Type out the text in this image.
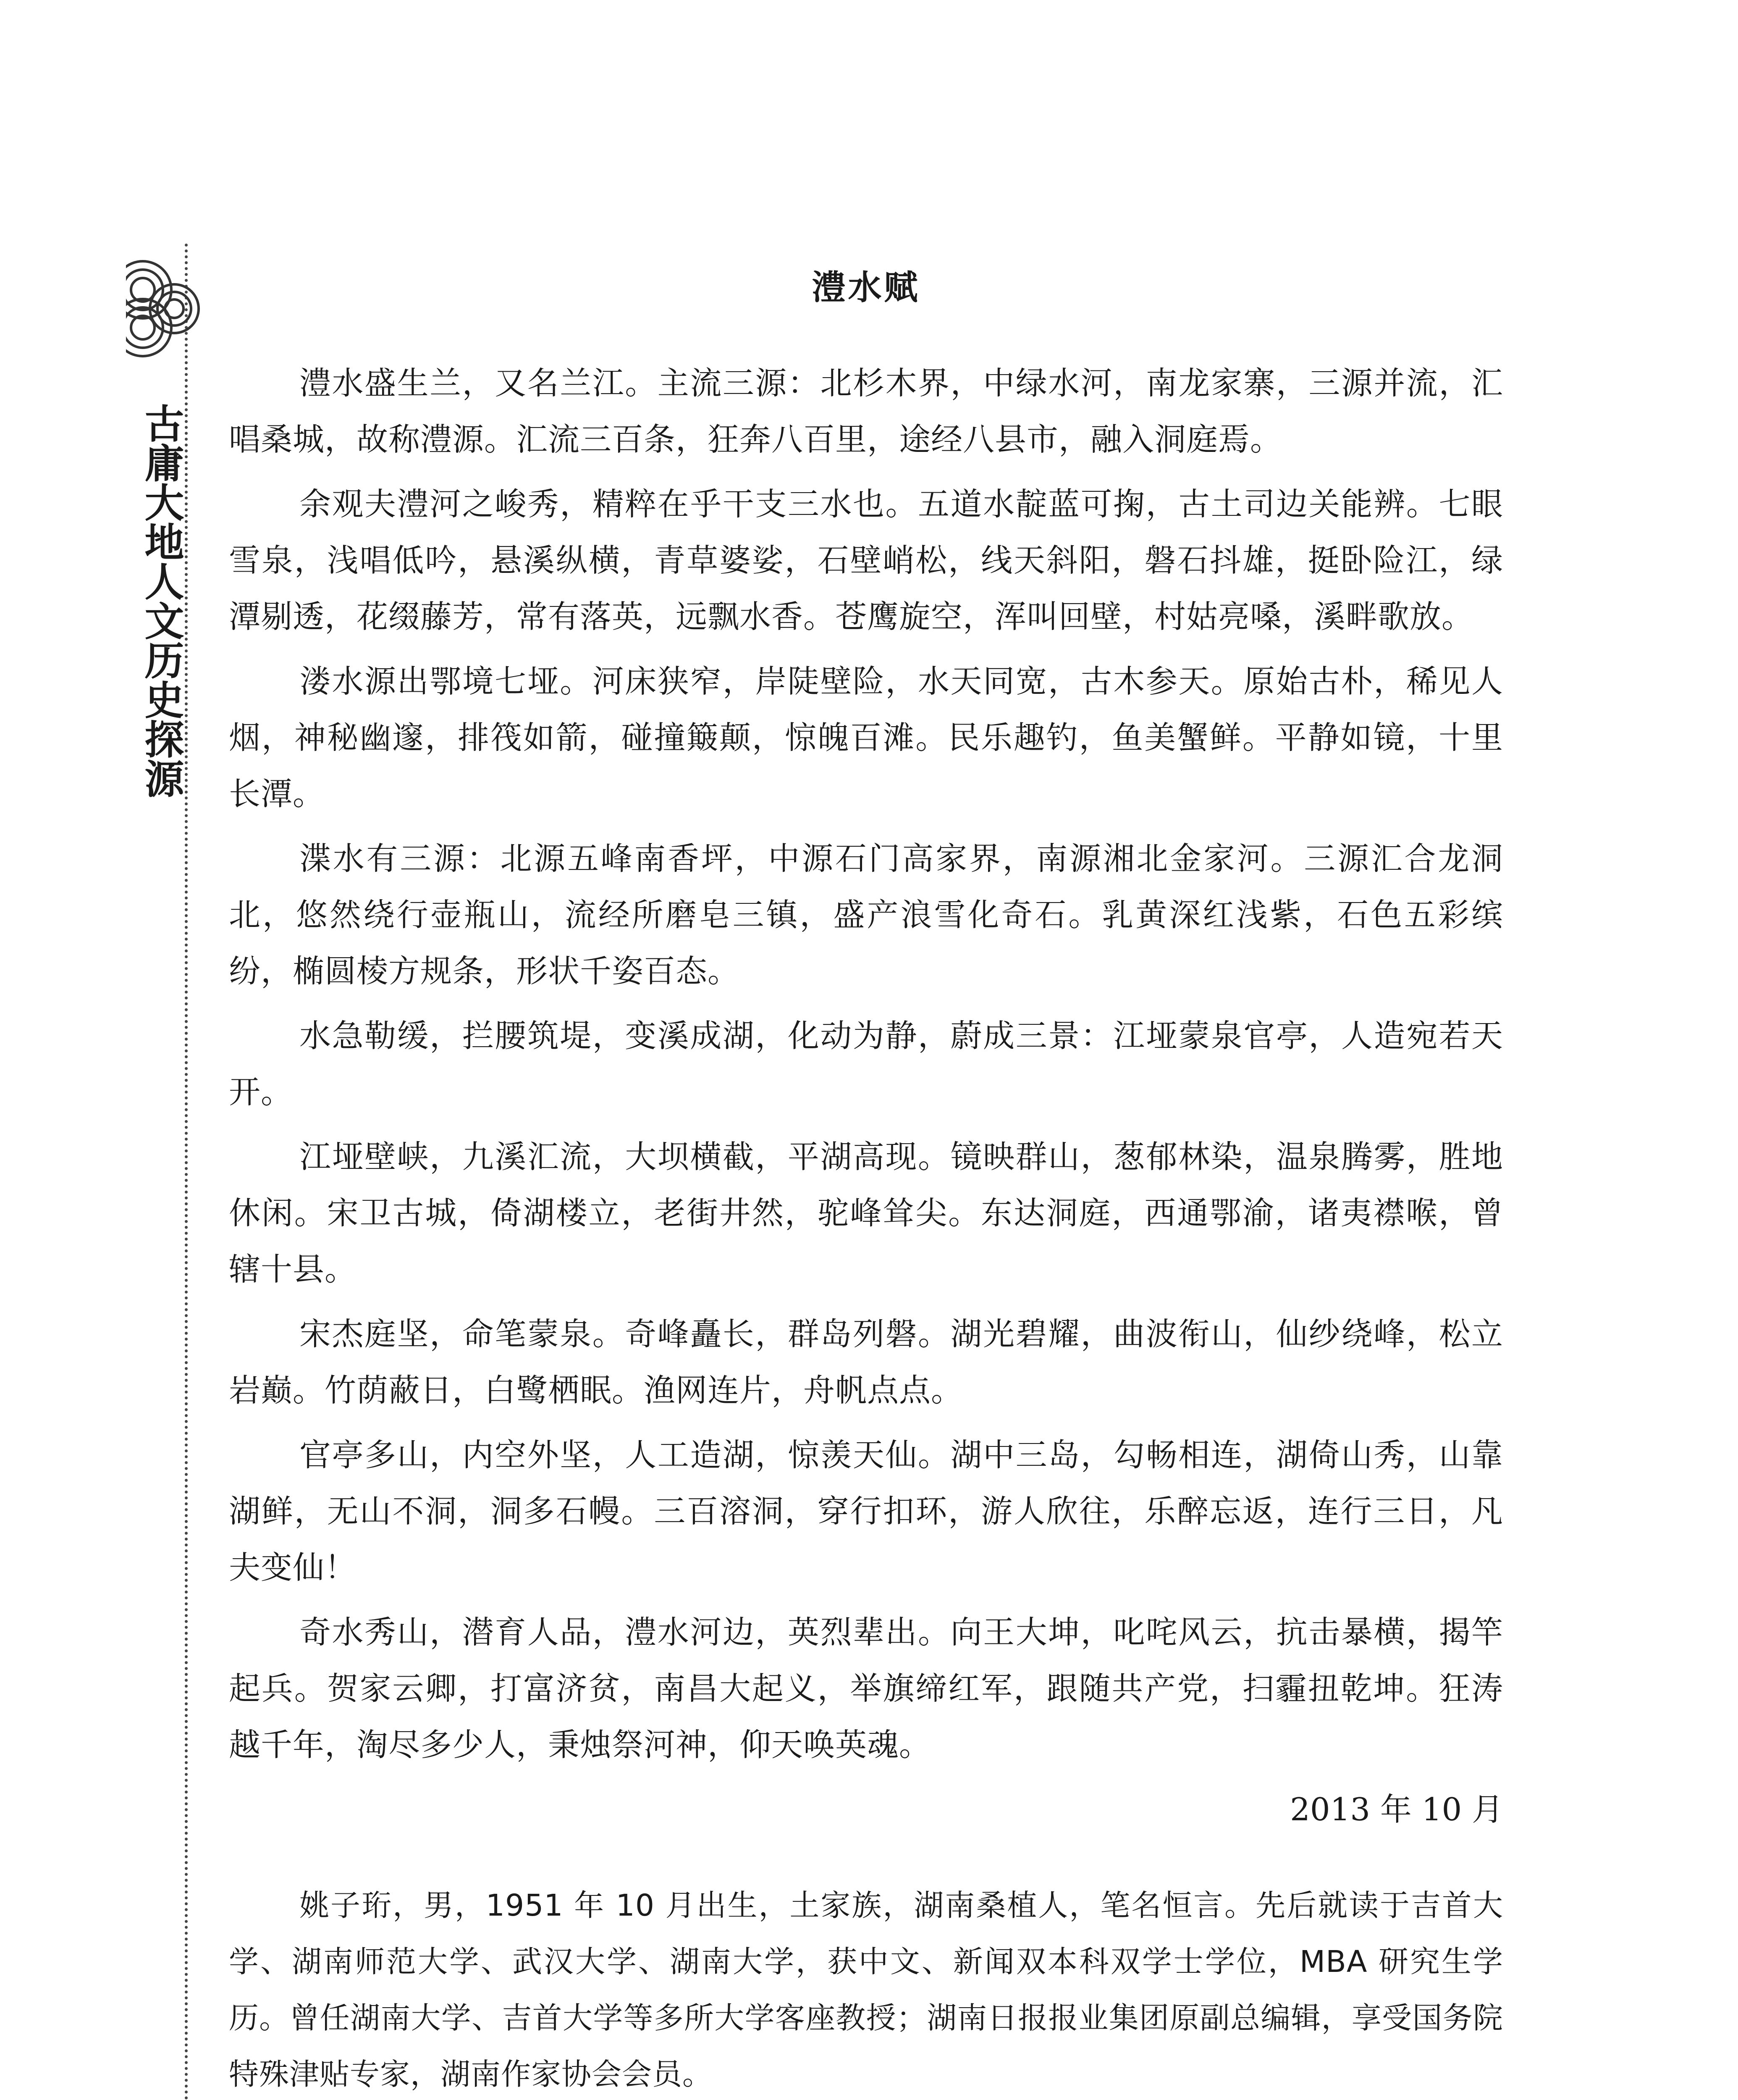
古庸大地人文历史探源
澧水赋

澧水盛生兰，又名兰江。主流三源：北杉木界，中绿水河，南龙家寨，三源并流，汇唱桑城，故称澧源。汇流三百条，狂奔八百里，途经八县市，融入洞庭焉。

余观夫澧河之峻秀，精粹在乎干支三水也。五道水靛蓝可掬，古土司边关能辨。七眼雪泉，浅唱低吟，悬溪纵横，青草婆娑，石壁峭松，线天斜阳，磐石抖雄，挺卧险江，绿潭剔透，花缀藤芳，常有落英，远飘水香。苍鹰旋空，浑叫回壁，村姑亮嗓，溪畔歌放。

溇水源出鄂境七垭。河床狭窄，岸陡壁险，水天同宽，古木参天。原始古朴，稀见人烟，神秘幽邃，排筏如箭，碰撞簸颠，惊魄百滩。民乐趣钓，鱼美蟹鲜。平静如镜，十里长潭。

渫水有三源：北源五峰南香坪，中源石门高家界，南源湘北金家河。三源汇合龙洞北，悠然绕行壶瓶山，流经所磨皂三镇，盛产浪雪化奇石。乳黄深红浅紫，石色五彩缤纷，椭圆棱方规条，形状千姿百态。

水急勒缓，拦腰筑堤，变溪成湖，化动为静，蔚成三景：江垭蒙泉官亭，人造宛若天开。

江垭壁峡，九溪汇流，大坝横截，平湖高现。镜映群山，葱郁林染，温泉腾雾，胜地休闲。宋卫古城，倚湖楼立，老街井然，驼峰耸尖。东达洞庭，西通鄂渝，诸夷襟喉，曾辖十县。

宋杰庭坚，命笔蒙泉。奇峰矗长，群岛列磐。湖光碧耀，曲波衔山，仙纱绕峰，松立岩巅。竹荫蔽日，白鹭栖眠。渔网连片，舟帆点点。

官亭多山，内空外坚，人工造湖，惊羡天仙。湖中三岛，勾畅相连，湖倚山秀，山靠湖鲜，无山不洞，洞多石幔。三百溶洞，穿行扣环，游人欣往，乐醉忘返，连行三日，凡夫变仙！

奇水秀山，潜育人品，澧水河边，英烈辈出。向王大坤，叱咤风云，抗击暴横，揭竿起兵。贺家云卿，打富济贫，南昌大起义，举旗缔红军，跟随共产党，扫霾扭乾坤。狂涛越千年，淘尽多少人，秉烛祭河神，仰天唤英魂。

2013 年 10 月

姚子珩，男，1951 年 10 月出生，土家族，湖南桑植人，笔名恒言。先后就读于吉首大学、湖南师范大学、武汉大学、湖南大学，获中文、新闻双本科双学士学位，MBA 研究生学历。曾任湖南大学、吉首大学等多所大学客座教授；湖南日报报业集团原副总编辑，享受国务院特殊津贴专家，湖南作家协会会员。
